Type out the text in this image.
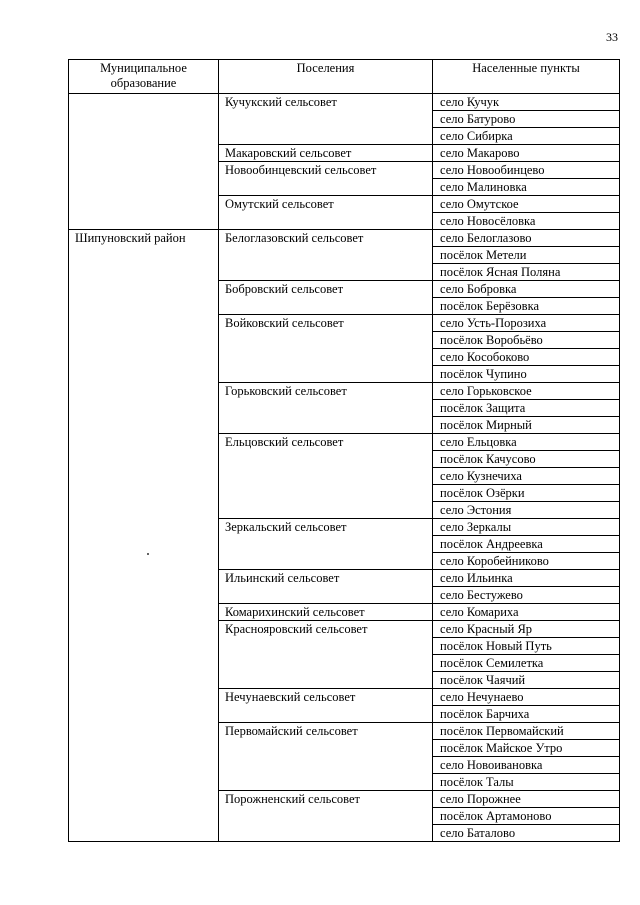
33
Муниципальное образование	Поселения	Населенные пункты
	Кучукский сельсовет	село Кучук
		село Батурово
		село Сибирка
	Макаровский сельсовет	село Макарово
	Новообинцевский сельсовет	село Новообинцево
		село Малиновка
	Омутский сельсовет	село Омутское
		село Новосёловка
Шипуновский район	Белоглазовский сельсовет	село Белоглазово
		посёлок Метели
		посёлок Ясная Поляна
	Бобровский сельсовет	село Бобровка
		посёлок Берёзовка
	Войковский сельсовет	село Усть-Порозиха
		посёлок Воробьёво
		село Кособоково
		посёлок Чупино
	Горьковский сельсовет	село Горьковское
		посёлок Защита
		посёлок Мирный
	Ельцовский сельсовет	село Ельцовка
		посёлок Качусово
		село Кузнечиха
		посёлок Озёрки
		село Эстония
	Зеркальский сельсовет	село Зеркалы
		посёлок Андреевка
		село Коробейниково
	Ильинский сельсовет	село Ильинка
		село Бестужево
	Комарихинский сельсовет	село Комариха
	Краснояровский сельсовет	село Красный Яр
		посёлок Новый Путь
		посёлок Семилетка
		посёлок Чаячий
	Нечунаевский сельсовет	село Нечунаево
		посёлок Барчиха
	Первомайский сельсовет	посёлок Первомайский
		посёлок Майское Утро
		село Новоивановка
		посёлок Талы
	Порожненский сельсовет	село Порожнее
		посёлок Артамоново
		село Баталово
